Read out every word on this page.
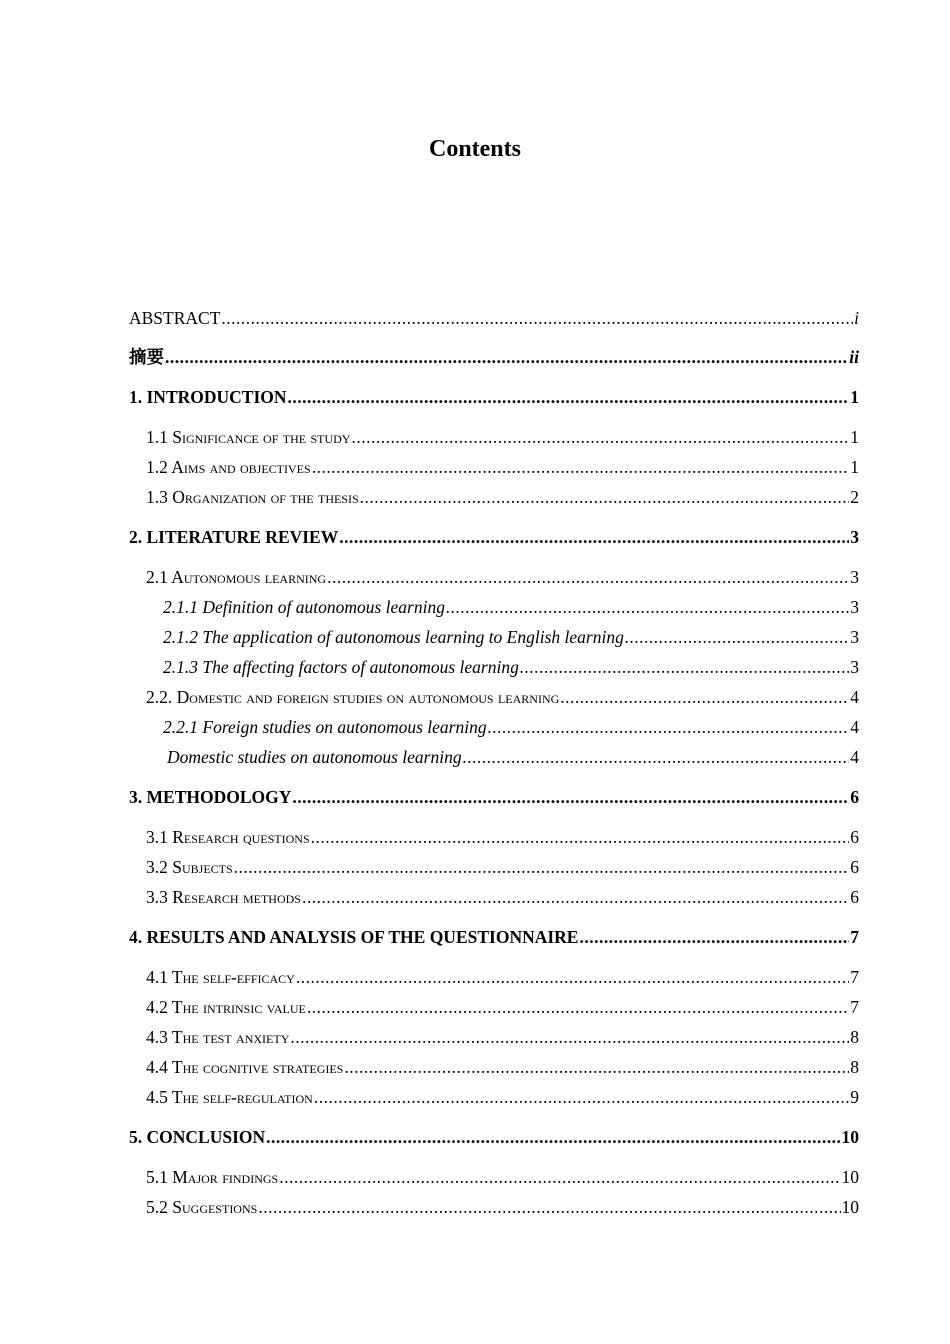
Contents
ABSTRACT .....	i
摘要 .....	ii
1. INTRODUCTION .....	1
1.1 Significance of the study .....	1
1.2 Aims and objectives .....	1
1.3 Organization of the thesis .....	2
2. LITERATURE REVIEW .....	3
2.1 Autonomous learning .....	3
2.1.1 Definition of autonomous learning .....	3
2.1.2 The application of autonomous learning to English learning .....	3
2.1.3 The affecting factors of autonomous learning .....	3
2.2. Domestic and foreign studies on autonomous learning .....	4
2.2.1 Foreign studies on autonomous learning .....	4
Domestic studies on autonomous learning .....	4
3. METHODOLOGY .....	6
3.1 Research questions .....	6
3.2 Subjects .....	6
3.3 Research methods .....	6
4. RESULTS AND ANALYSIS OF THE QUESTIONNAIRE .....	7
4.1 The self-efficacy .....	7
4.2 The intrinsic value .....	7
4.3 The test anxiety .....	8
4.4 The cognitive strategies .....	8
4.5 The self-regulation .....	9
5. CONCLUSION .....	10
5.1 Major findings .....	10
5.2 Suggestions .....	10
